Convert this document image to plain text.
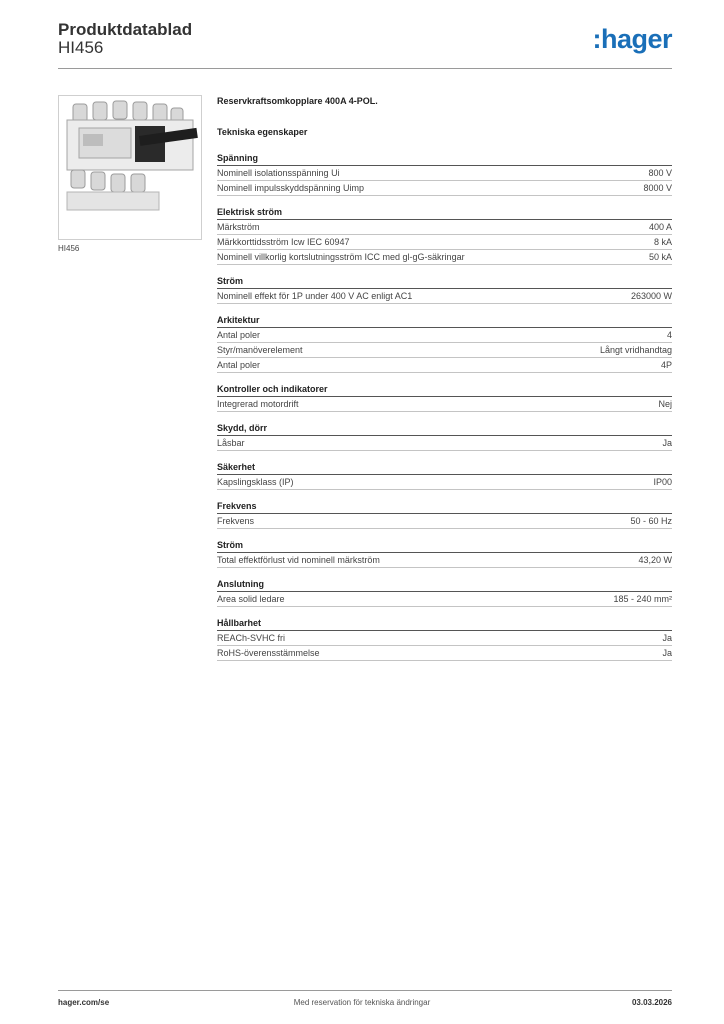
Produktdatablad
HI456	:hager
HI456
Reservkraftsomkopplare 400A 4-POL.
Tekniska egenskaper
Spänning
Nominell isolationsspänning Ui	800 V
Nominell impulsskyddspänning Uimp	8000 V
Elektrisk ström
Märkström	400 A
Märkkorttidsström Icw IEC 60947	8 kA
Nominell villkorlig kortslutningsström ICC med gl-gG-säkringar	50 kA
Ström
Nominell effekt för 1P under 400 V AC enligt AC1	263000 W
Arkitektur
Antal poler	4
Styr/manöverelement	Långt vridhandtag
Antal poler	4P
Kontroller och indikatorer
Integrerad motordrift	Nej
Skydd, dörr
Låsbar	Ja
Säkerhet
Kapslingsklass (IP)	IP00
Frekvens
Frekvens	50 - 60 Hz
Ström
Total effektförlust vid nominell märkström	43,20 W
Anslutning
Area solid ledare	185 - 240 mm²
Hållbarhet
REACh-SVHC fri	Ja
RoHS-överensstämmelse	Ja
hager.com/se	Med reservation för tekniska ändringar	03.03.2026
